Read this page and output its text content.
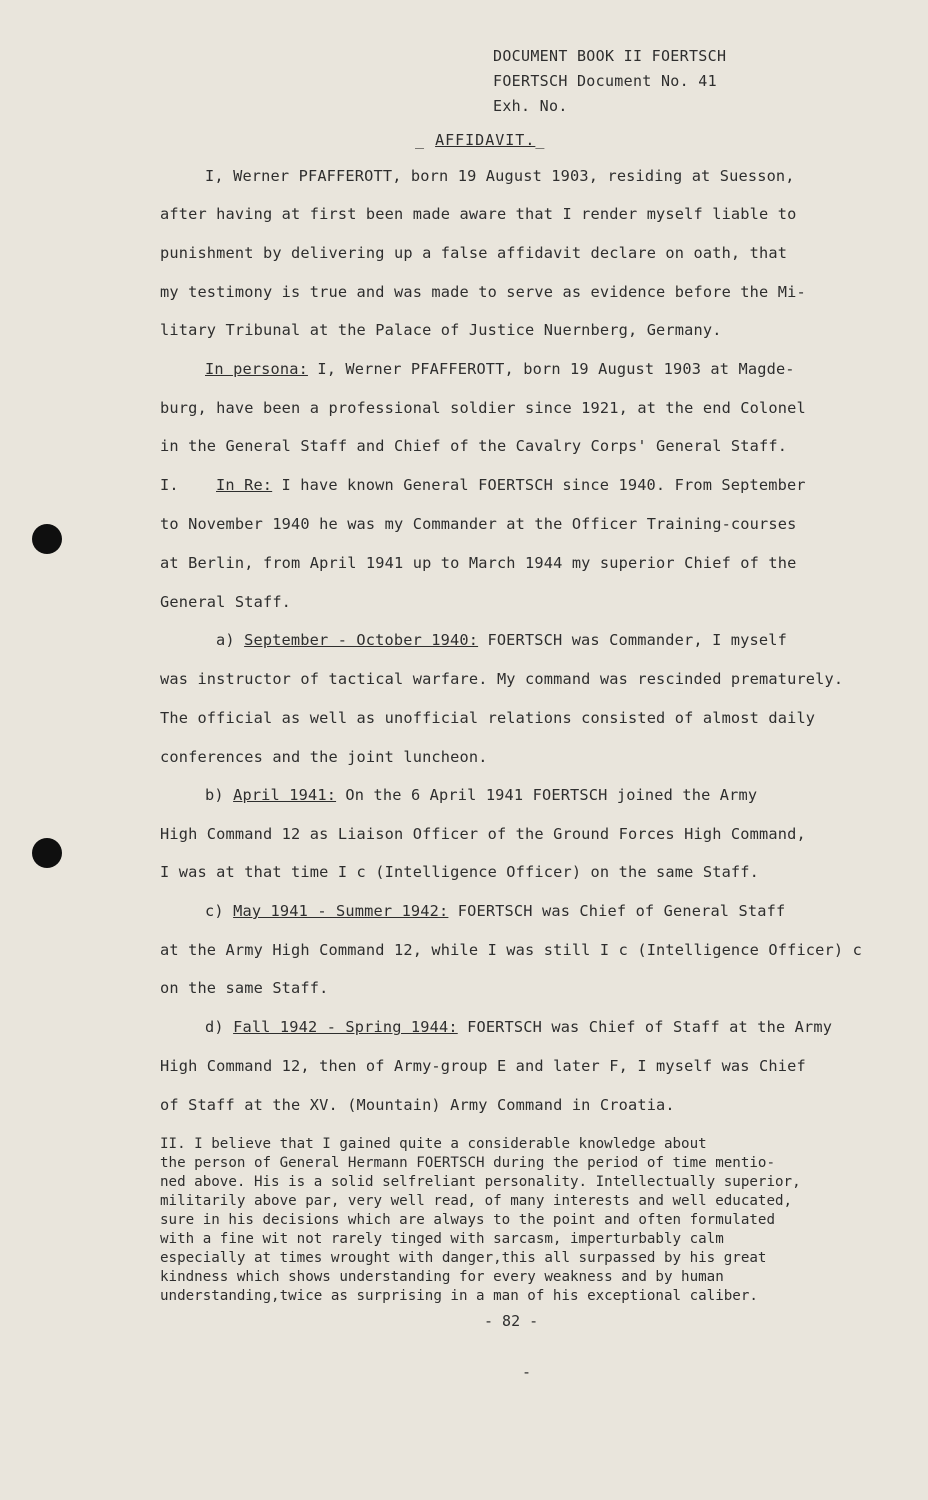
DOCUMENT BOOK II FOERTSCH
FOERTSCH Document No. 41
Exh. No.
_ AFFIDAVIT._
I, Werner PFAFFEROTT, born 19 August 1903, residing at Suesson,
after having at first been made aware that I render myself liable to
punishment by delivering up a false affidavit declare on oath, that
my testimony is true and was made to serve as evidence before the Mi-
litary Tribunal at the Palace of Justice Nuernberg, Germany.
In persona: I, Werner PFAFFEROTT, born 19 August 1903 at Magde-
burg, have been a professional soldier since 1921, at the end Colonel
in the General Staff and Chief of the Cavalry Corps' General Staff.
I. In Re: I have known General FOERTSCH since 1940. From September
to November 1940 he was my Commander at the Officer Training-courses
at Berlin, from April 1941 up to March 1944 my superior Chief of the
General Staff.
a) September - October 1940: FOERTSCH was Commander, I myself
was instructor of tactical warfare. My command was rescinded prematurely.
The official as well as unofficial relations consisted of almost daily
conferences and the joint luncheon.
b) April 1941: On the 6 April 1941 FOERTSCH joined the Army
High Command 12 as Liaison Officer of the Ground Forces High Command,
I was at that time I c (Intelligence Officer) on the same Staff.
c) May 1941 - Summer 1942: FOERTSCH was Chief of General Staff
at the Army High Command 12, while I was still I c (Intelligence Officer) c
on the same Staff.
d) Fall 1942 - Spring 1944: FOERTSCH was Chief of Staff at the Army
High Command 12, then of Army-group E and later F, I myself was Chief
of Staff at the XV. (Mountain) Army Command in Croatia.
II. I believe that I gained quite a considerable knowledge about
the person of General Hermann FOERTSCH during the period of time mentio-
ned above. His is a solid selfreliant personality. Intellectually superior,
militarily above par, very well read, of many interests and well educated,
sure in his decisions which are always to the point and often formulated
with a fine wit not rarely tinged with sarcasm, imperturbably calm
especially at times wrought with danger,this all surpassed by his great
kindness which shows understanding for every weakness and by human
understanding,twice as surprising in a man of his exceptional caliber.
- 82 -
-
